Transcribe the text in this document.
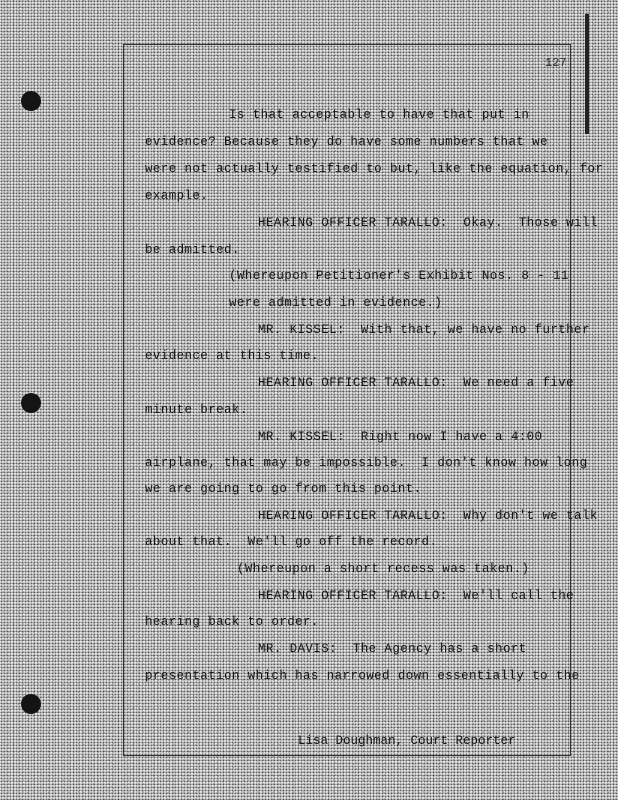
127
Is that acceptable to have that put in
evidence? Because they do have some numbers that we
were not actually testified to but, like the equation, for
example.
HEARING OFFICER TARALLO:  Okay.  Those will
be admitted.
(Whereupon Petitioner's Exhibit Nos. 8 - 11
were admitted in evidence.)
MR. KISSEL:  With that, we have no further
evidence at this time.
HEARING OFFICER TARALLO:  We need a five
minute break.
MR. KISSEL:  Right now I have a 4:00
airplane, that may be impossible.  I don't know how long
we are going to go from this point.
HEARING OFFICER TARALLO:  Why don't we talk
about that.  We'll go off the record.
(Whereupon a short recess was taken.)
HEARING OFFICER TARALLO:  We'll call the
hearing back to order.
MR. DAVIS:  The Agency has a short
presentation which has narrowed down essentially to the
Lisa Doughman, Court Reporter
